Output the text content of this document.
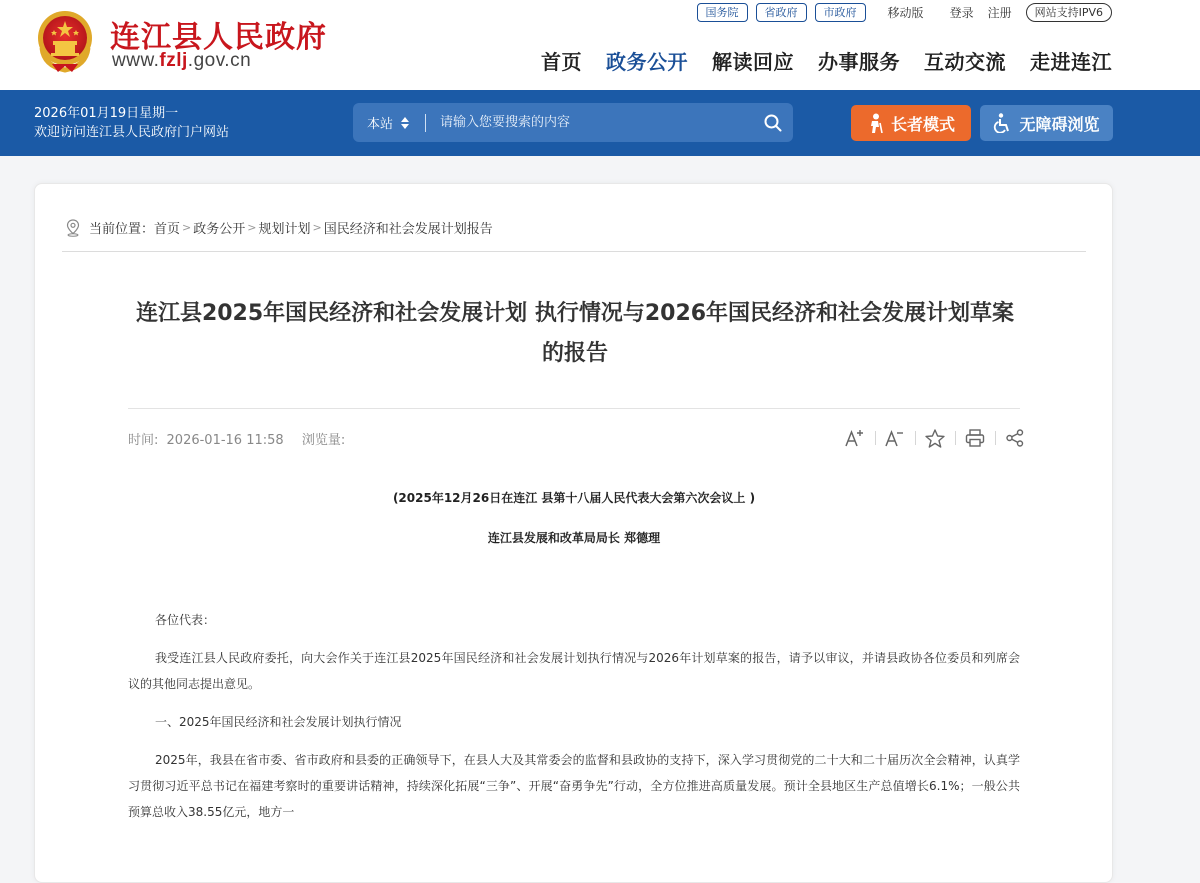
连江县人民政府
www.fzlj.gov.cn
国务院	省政府	市政府	移动版 登录 注册	网站支持IPV6
首页 政务公开 解读回应 办事服务 互动交流 走进连江
2026年01月19日星期一
欢迎访问连江县人民政府门户网站
本站
请输入您要搜索的内容	长者模式	无障碍浏览
当前位置： 首页 > 政务公开 > 规划计划 > 国民经济和社会发展计划报告
连江县2025年国民经济和社会发展计划 执行情况与2026年国民经济和社会发展计划草案的报告
时间: 2026-01-16 11:58 浏览量:
(2025年12月26日在连江 县第十八届人民代表大会第六次会议上 )
连江县发展和改革局局长 郑德理

各位代表：

我受连江县人民政府委托，向大会作关于连江县2025年国民经济和社会发展计划执行情况与2026年计划草案的报告，请予以审议，并请县政协各位委员和列席会议的其他同志提出意见。

一、2025年国民经济和社会发展计划执行情况

2025年，我县在省市委、省市政府和县委的正确领导下，在县人大及其常委会的监督和县政协的支持下，深入学习贯彻党的二十大和二十届历次全会精神，认真学习贯彻习近平总书记在福建考察时的重要讲话精神，持续深化拓展“三争”、开展“奋勇争先”行动，全方位推进高质量发展。预计全县地区生产总值增长6.1%；一般公共预算总收入38.55亿元，地方一
